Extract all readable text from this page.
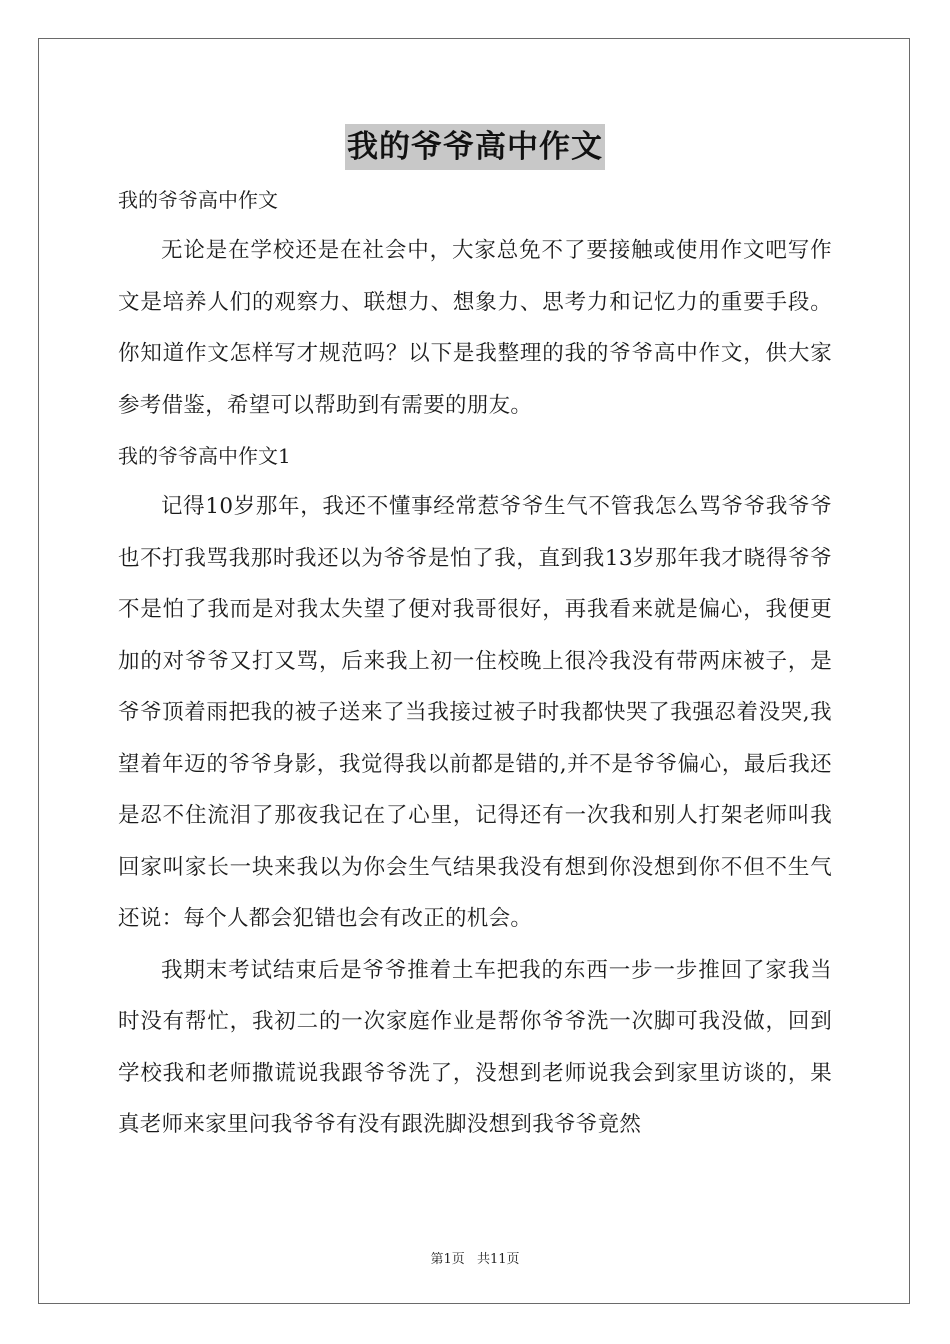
我的爷爷高中作文
我的爷爷高中作文

无论是在学校还是在社会中，大家总免不了要接触或使用作文吧写作文是培养人们的观察力、联想力、想象力、思考力和记忆力的重要手段。你知道作文怎样写才规范吗？以下是我整理的我的爷爷高中作文，供大家参考借鉴，希望可以帮助到有需要的朋友。

我的爷爷高中作文1

记得10岁那年，我还不懂事经常惹爷爷生气不管我怎么骂爷爷我爷爷也不打我骂我那时我还以为爷爷是怕了我，直到我13岁那年我才晓得爷爷不是怕了我而是对我太失望了便对我哥很好，再我看来就是偏心，我便更加的对爷爷又打又骂，后来我上初一住校晚上很冷我没有带两床被子，是爷爷顶着雨把我的被子送来了当我接过被子时我都快哭了我强忍着没哭,我望着年迈的爷爷身影，我觉得我以前都是错的,并不是爷爷偏心，最后我还是忍不住流泪了那夜我记在了心里，记得还有一次我和别人打架老师叫我回家叫家长一块来我以为你会生气结果我没有想到你没想到你不但不生气还说：每个人都会犯错也会有改正的机会。

我期末考试结束后是爷爷推着土车把我的东西一步一步推回了家我当时没有帮忙，我初二的一次家庭作业是帮你爷爷洗一次脚可我没做，回到学校我和老师撒谎说我跟爷爷洗了，没想到老师说我会到家里访谈的，果真老师来家里问我爷爷有没有跟洗脚没想到我爷爷竟然

第1页 共11页
